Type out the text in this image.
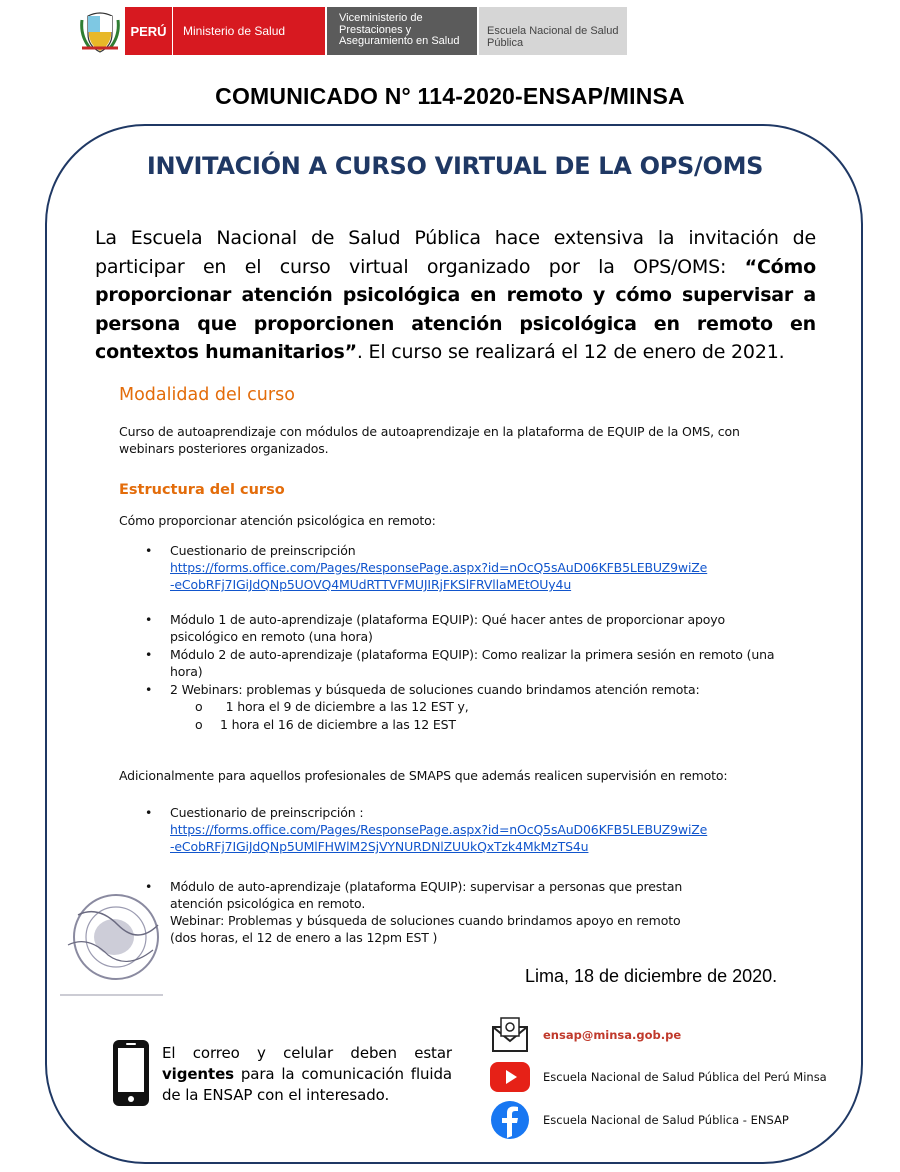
PERÚ	Ministerio de Salud
Viceministerio de Prestaciones y Aseguramiento en Salud
Escuela Nacional de Salud Pública
COMUNICADO N° 114-2020-ENSAP/MINSA
INVITACIÓN A CURSO VIRTUAL DE LA OPS/OMS
La Escuela Nacional de Salud Pública hace extensiva la invitación de participar en el curso virtual organizado por la OPS/OMS: “Cómo proporcionar atención psicológica en remoto y cómo supervisar a persona que proporcionen atención psicológica en remoto en contextos humanitarios”. El curso se realizará el 12 de enero de 2021.
Modalidad del curso
Curso de autoaprendizaje con módulos de autoaprendizaje en la plataforma de EQUIP de la OMS, con webinars posteriores organizados.
Estructura del curso
Cómo proporcionar atención psicológica en remoto:
• Cuestionario de preinscripción
https://forms.office.com/Pages/ResponsePage.aspx?id=nOcQ5sAuD06KFB5LEBUZ9wiZe
-eCobRFj7IGiJdQNp5UOVQ4MUdRTTVFMUJIRjFKSlFRVllaMEtOUy4u
• Módulo 1 de auto-aprendizaje (plataforma EQUIP): Qué hacer antes de proporcionar apoyo psicológico en remoto (una hora)
• Módulo 2 de auto-aprendizaje (plataforma EQUIP): Como realizar la primera sesión en remoto (una hora)
• 2 Webinars: problemas y búsqueda de soluciones cuando brindamos atención remota:
o 1 hora el 9 de diciembre a las 12 EST y,
o 1 hora el 16 de diciembre a las 12 EST
Adicionalmente para aquellos profesionales de SMAPS que además realicen supervisión en remoto:
• Cuestionario de preinscripción :
https://forms.office.com/Pages/ResponsePage.aspx?id=nOcQ5sAuD06KFB5LEBUZ9wiZe
-eCobRFj7IGiJdQNp5UMlFHWlM2SjVYNURDNlZUUkQxTzk4MkMzTS4u
• Módulo de auto-aprendizaje (plataforma EQUIP): supervisar a personas que prestan
atención psicológica en remoto.
Webinar: Problemas y búsqueda de soluciones cuando brindamos apoyo en remoto
(dos horas, el 12 de enero a las 12pm EST )
Lima, 18 de diciembre de 2020.
El correo y celular deben estar vigentes para la comunicación fluida de la ENSAP con el interesado.
ensap@minsa.gob.pe
Escuela Nacional de Salud Pública del Perú Minsa
Escuela Nacional de Salud Pública - ENSAP
